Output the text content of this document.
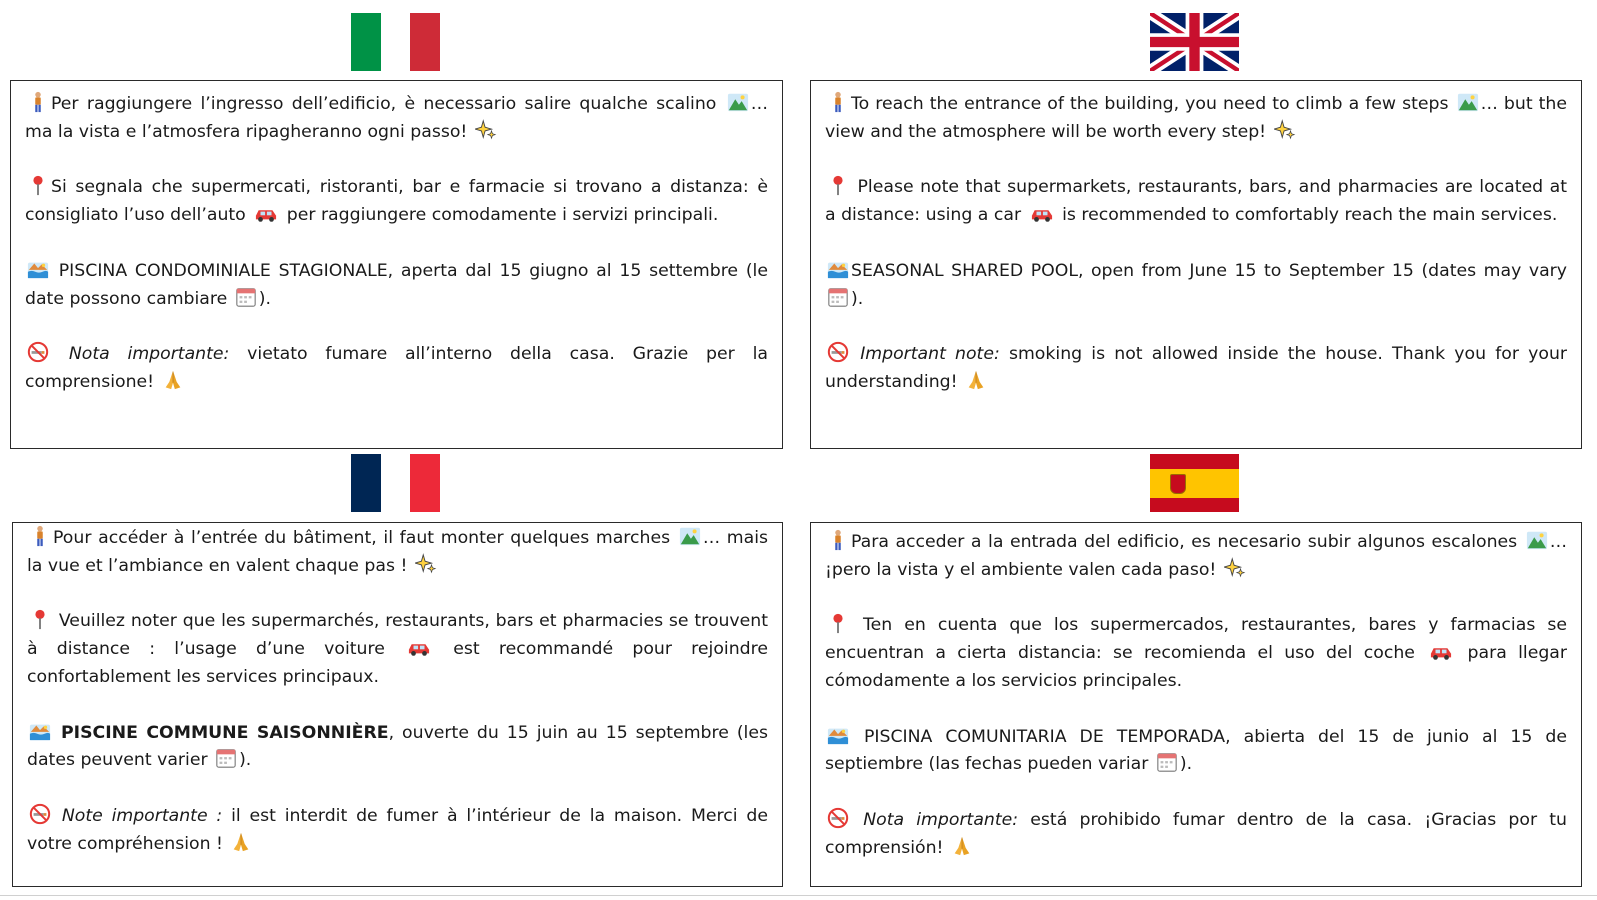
Per raggiungere l’ingresso dell’edificio, è necessario salire qualche scalino … ma la vista e l’atmosfera ripagheranno ogni passo!

Si segnala che supermercati, ristoranti, bar e farmacie si trovano a distanza: è consigliato l’uso dell’auto per raggiungere comodamente i servizi principali.

PISCINA CONDOMINIALE STAGIONALE, aperta dal 15 giugno al 15 settembre (le date possono cambiare ).

Nota importante: vietato fumare all’interno della casa. Grazie per la comprensione!

To reach the entrance of the building, you need to climb a few steps … but the view and the atmosphere will be worth every step!

Please note that supermarkets, restaurants, bars, and pharmacies are located at a distance: using a car is recommended to comfortably reach the main services.

SEASONAL SHARED POOL, open from June 15 to September 15 (dates may vary ).

Important note: smoking is not allowed inside the house. Thank you for your understanding!

Pour accéder à l’entrée du bâtiment, il faut monter quelques marches … mais la vue et l’ambiance en valent chaque pas !

Veuillez noter que les supermarchés, restaurants, bars et pharmacies se trouvent à distance : l’usage d’une voiture	est recommandé pour rejoindre confortablement les services principaux.

PISCINE COMMUNE SAISONNIÈRE, ouverte du 15 juin au 15 septembre (les dates peuvent varier ).

Note importante : il est interdit de fumer à l’intérieur de la maison. Merci de votre compréhension !

Para acceder a la entrada del edificio, es necesario subir algunos escalones … ¡pero la vista y el ambiente valen cada paso!

Ten en cuenta que los supermercados, restaurantes, bares y farmacias se encuentran a cierta distancia: se recomienda el uso del coche	para llegar cómodamente a los servicios principales.

PISCINA COMUNITARIA DE TEMPORADA, abierta del 15 de junio al 15 de septiembre (las fechas pueden variar ).

Nota importante: está prohibido fumar dentro de la casa. ¡Gracias por tu comprensión!
